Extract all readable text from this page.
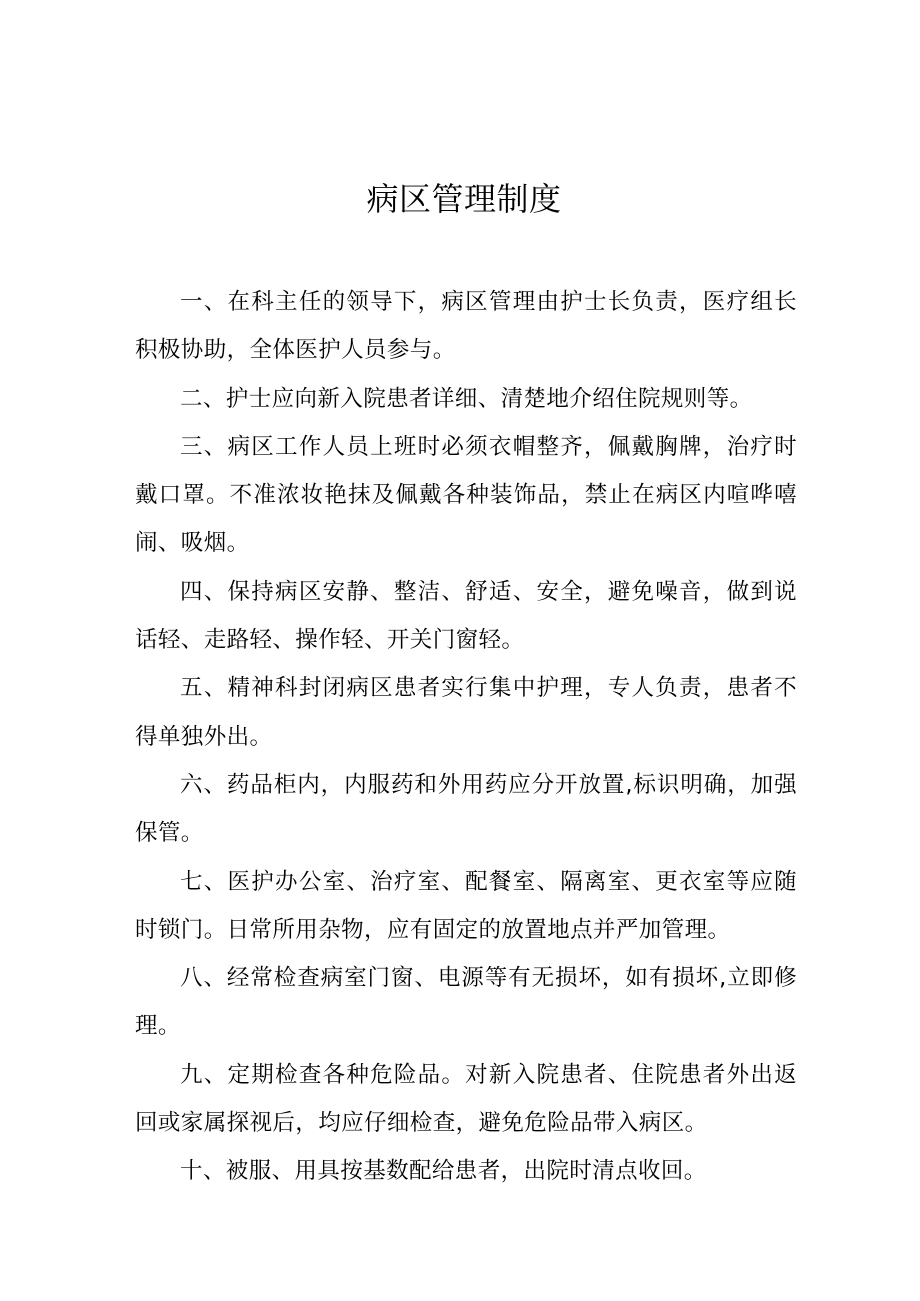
病区管理制度

一、在科主任的领导下，病区管理由护士长负责，医疗组长积极协助，全体医护人员参与。

二、护士应向新入院患者详细、清楚地介绍住院规则等。

三、病区工作人员上班时必须衣帽整齐，佩戴胸牌，治疗时戴口罩。不准浓妆艳抹及佩戴各种装饰品，禁止在病区内喧哗嘻闹、吸烟。

四、保持病区安静、整洁、舒适、安全，避免噪音，做到说话轻、走路轻、操作轻、开关门窗轻。

五、精神科封闭病区患者实行集中护理，专人负责，患者不得单独外出。

六、药品柜内，内服药和外用药应分开放置,标识明确，加强保管。

七、医护办公室、治疗室、配餐室、隔离室、更衣室等应随时锁门。日常所用杂物，应有固定的放置地点并严加管理。

八、经常检查病室门窗、电源等有无损坏，如有损坏,立即修理。

九、定期检查各种危险品。对新入院患者、住院患者外出返回或家属探视后，均应仔细检查，避免危险品带入病区。

十、被服、用具按基数配给患者，出院时清点收回。
